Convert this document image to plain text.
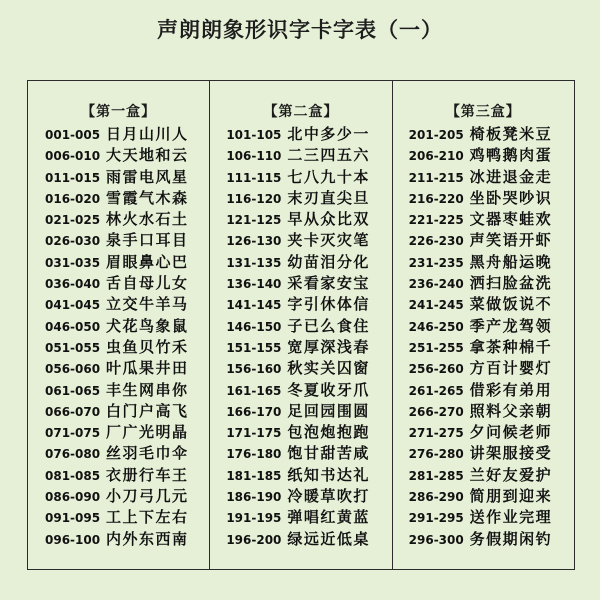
声朗朗象形识字卡字表（一）
【第一盒】
001-005 日月山川人
006-010 大天地和云
011-015 雨雷电风星
016-020 雪霞气木森
021-025 林火水石土
026-030 泉手口耳目
031-035 眉眼鼻心巴
036-040 舌自母儿女
041-045 立交牛羊马
046-050 犬花鸟象鼠
051-055 虫鱼贝竹禾
056-060 叶瓜果井田
061-065 丰生网串你
066-070 白门户高飞
071-075 厂广光明晶
076-080 丝羽毛巾伞
081-085 衣册行车王
086-090 小刀弓几元
091-095 工上下左右
096-100 内外东西南
【第二盒】
101-105 北中多少一
106-110 二三四五六
111-115 七八九十本
116-120 末刃直尖旦
121-125 早从众比双
126-130 夹卡灭灾笔
131-135 幼苗泪分化
136-140 采看家安宝
141-145 字引休体信
146-150 子已么食住
151-155 宽厚深浅春
156-160 秋实关囚窗
161-165 冬夏收牙爪
166-170 足回园围圆
171-175 包泡炮抱跑
176-180 饱甘甜苦咸
181-185 纸知书达礼
186-190 冷暖草吹打
191-195 弹唱红黄蓝
196-200 绿远近低桌
【第三盒】
201-205 椅板凳米豆
206-210 鸡鸭鹅肉蛋
211-215 冰进退金走
216-220 坐卧哭吵识
221-225 文器枣蛙欢
226-230 声笑语开虾
231-235 黑舟船运晚
236-240 洒扫脸盆洗
241-245 菜做饭说不
246-250 季产龙驾领
251-255 拿茶种棉千
256-260 方百计婴灯
261-265 借彩有弟用
266-270 照料父亲朝
271-275 夕问候老师
276-280 讲架服接受
281-285 兰好友爱护
286-290 简朋到迎来
291-295 送作业完理
296-300 务假期闲钓
